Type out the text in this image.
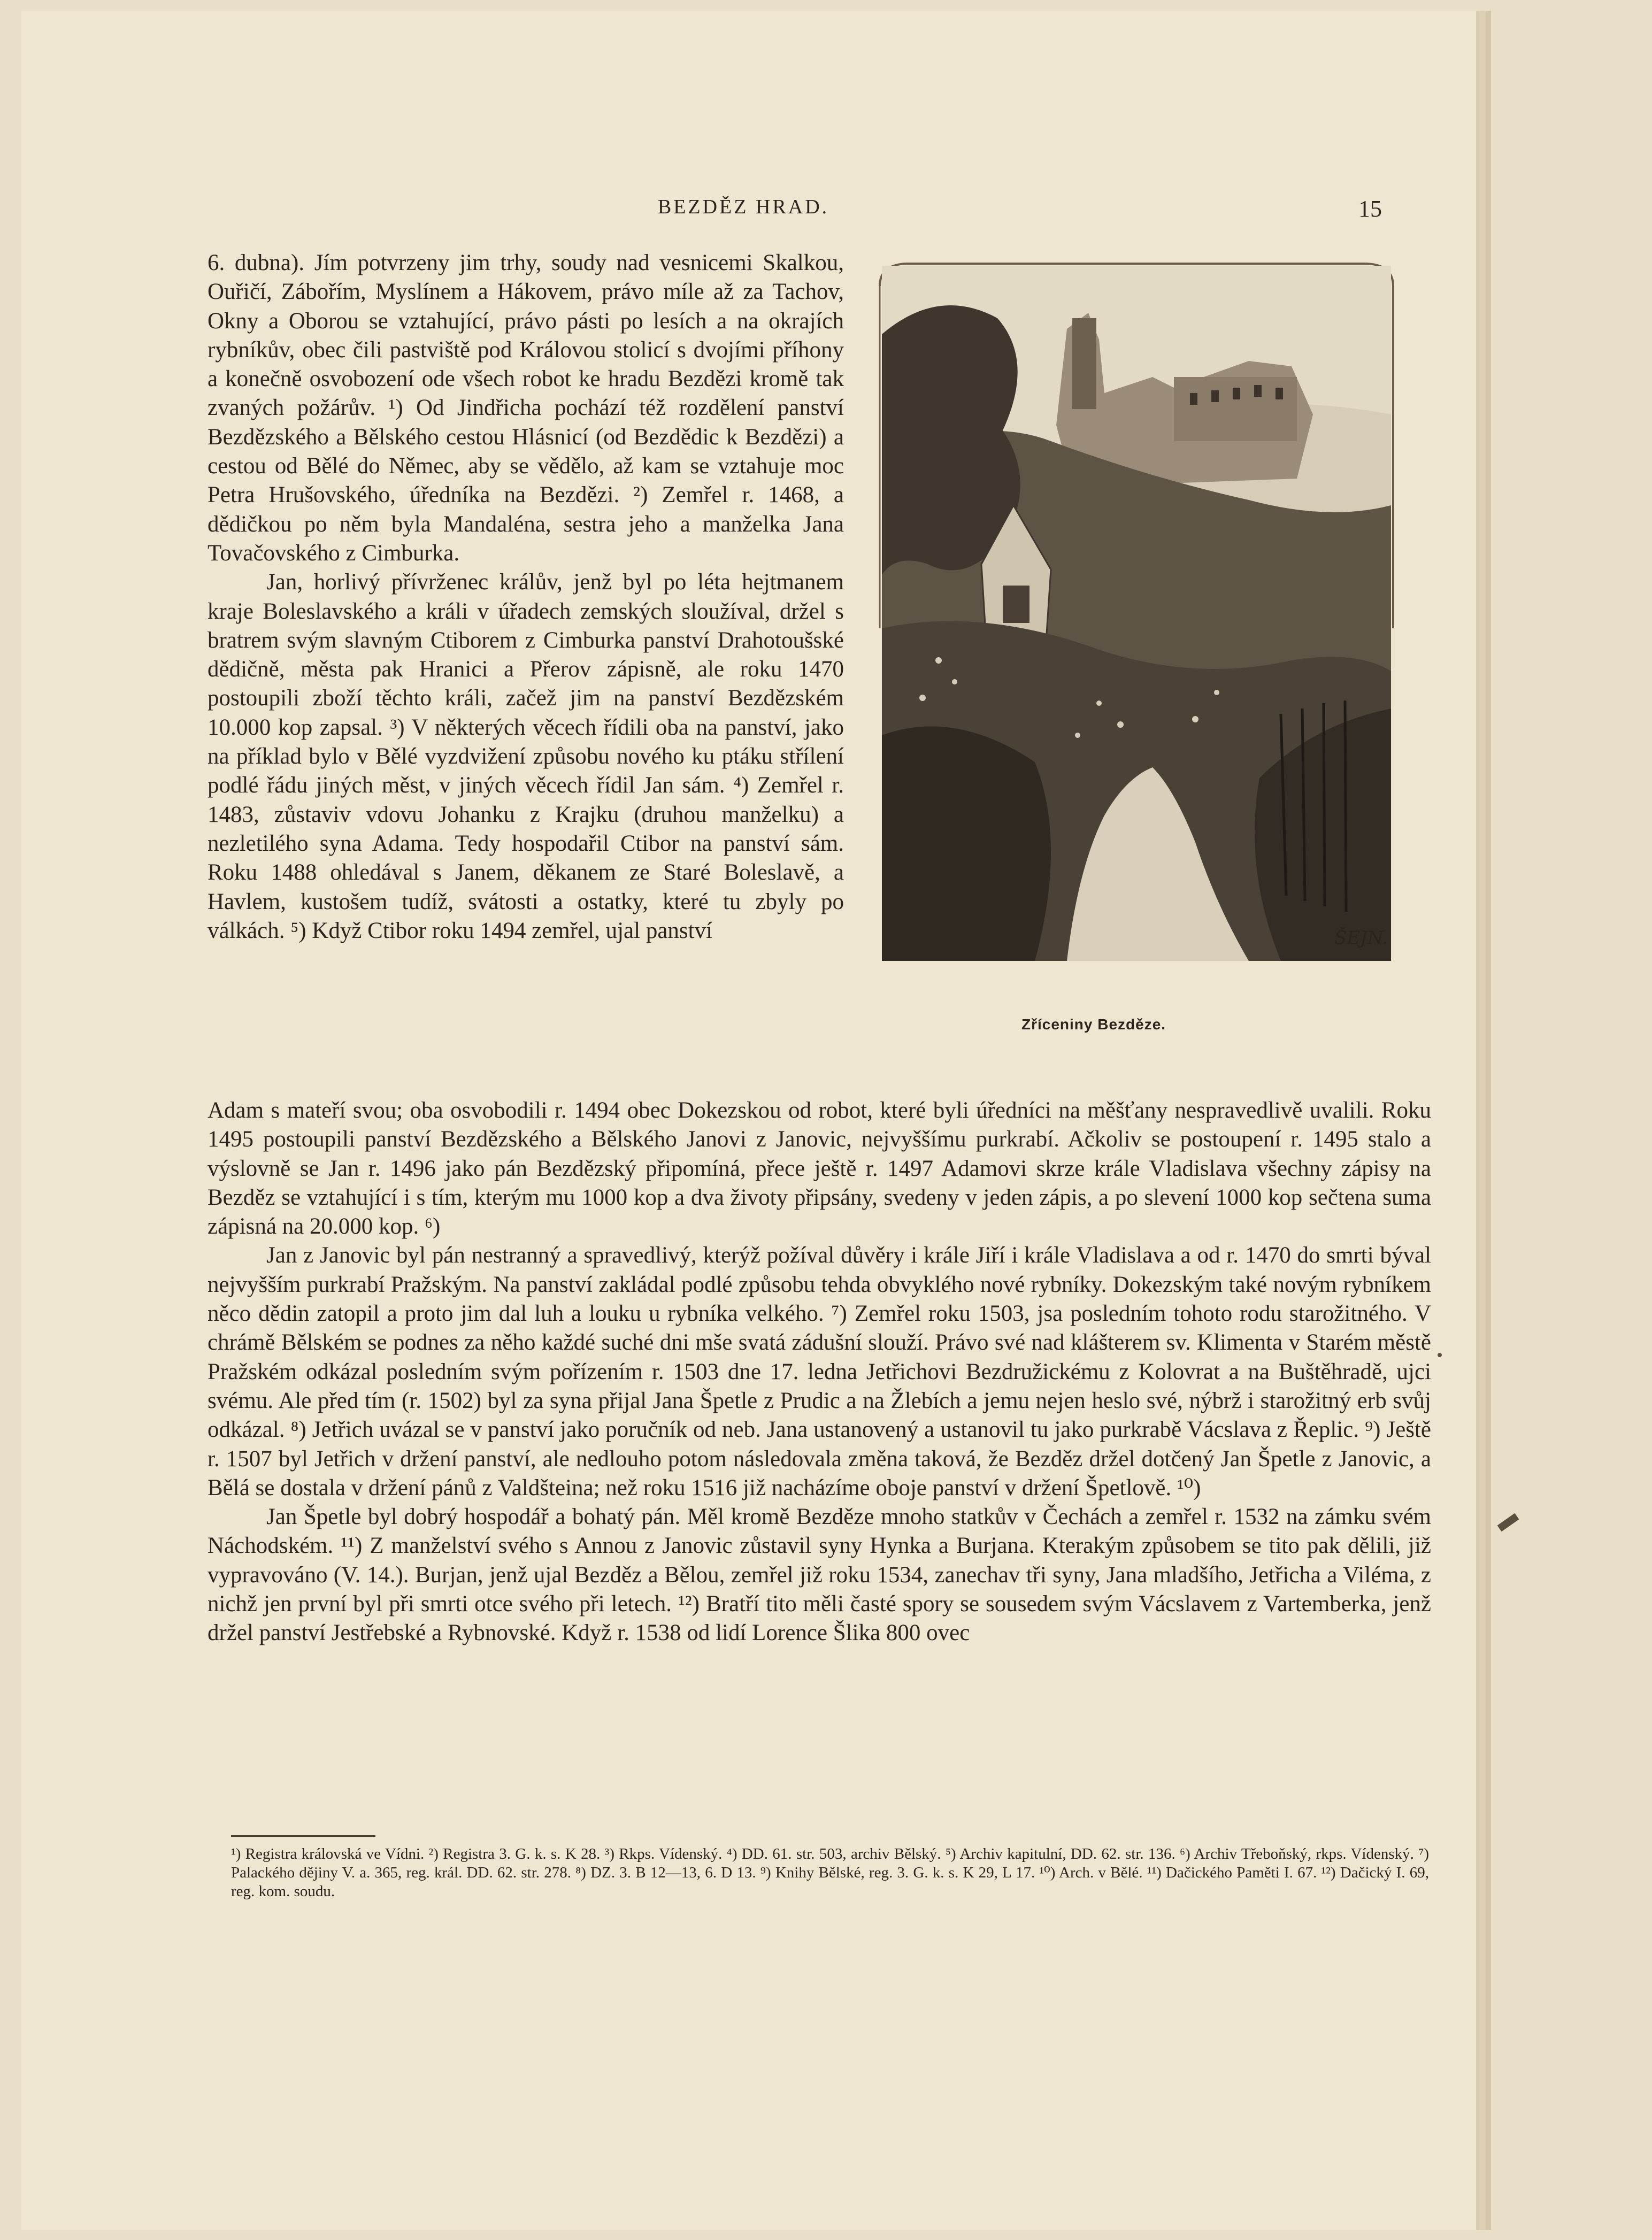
BEZDĚZ HRAD.	15

6. dubna). Jím potvrzeny jim trhy, soudy nad vesnicemi Skalkou, Ouřičí, Zábořím, Myslínem a Hákovem, právo míle až za Tachov, Okny a Oborou se vztahující, právo pásti po lesích a na okrajích rybníkův, obec čili pastviště pod Královou stolicí s dvojími příhony a konečně osvobození ode všech robot ke hradu Bezdězi kromě tak zvaných požárův. ¹) Od Jindřicha pochází též rozdělení panství Bezdězského a Bělského cestou Hlásnicí (od Bezdědic k Bezdězi) a cestou od Bělé do Němec, aby se vědělo, až kam se vztahuje moc Petra Hrušovského, úředníka na Bezdězi. ²) Zemřel r. 1468, a dědičkou po něm byla Mandaléna, sestra jeho a manželka Jana Tovačovského z Cimburka.

Jan, horlivý přívrženec králův, jenž byl po léta hejtmanem kraje Boleslavského a králi v úřadech zemských sloužíval, držel s bratrem svým slavným Ctiborem z Cimburka panství Drahotoušské dědičně, města pak Hranici a Přerov zápisně, ale roku 1470 postoupili zboží těchto králi, začež jim na panství Bezdězském 10.000 kop zapsal. ³) V některých věcech řídili oba na panství, jako na příklad bylo v Bělé vyzdvižení způsobu nového ku ptáku střílení podlé řádu jiných měst, v jiných věcech řídil Jan sám. ⁴) Zemřel r. 1483, zůstaviv vdovu Johanku z Krajku (druhou manželku) a nezletilého syna Adama. Tedy hospodařil Ctibor na panství sám. Roku 1488 ohledával s Janem, děkanem ze Staré Boleslavě, a Havlem, kustošem tudíž, svátosti a ostatky, které tu zbyly po válkách. ⁵) Když Ctibor roku 1494 zemřel, ujal panství	ŠEJN.
Zříceniny Bezděze.

Adam s mateří svou; oba osvobodili r. 1494 obec Dokezskou od robot, které byli úředníci na měšťany nespravedlivě uvalili. Roku 1495 postoupili panství Bezdězského a Bělského Janovi z Janovic, nejvyššímu purkrabí. Ačkoliv se postoupení r. 1495 stalo a výslovně se Jan r. 1496 jako pán Bezdězský připomíná, přece ještě r. 1497 Adamovi skrze krále Vladislava všechny zápisy na Bezděz se vztahující i s tím, kterým mu 1000 kop a dva životy připsány, svedeny v jeden zápis, a po slevení 1000 kop sečtena suma zápisná na 20.000 kop. ⁶)

Jan z Janovic byl pán nestranný a spravedlivý, kterýž požíval důvěry i krále Jiří i krále Vladislava a od r. 1470 do smrti býval nejvyšším purkrabí Pražským. Na panství zakládal podlé způsobu tehda obvyklého nové rybníky. Dokezským také novým rybníkem něco dědin zatopil a proto jim dal luh a louku u rybníka velkého. ⁷) Zemřel roku 1503, jsa posledním tohoto rodu starožitného. V chrámě Bělském se podnes za něho každé suché dni mše svatá zádušní slouží. Právo své nad klášterem sv. Klimenta v Starém městě Pražském odkázal posledním svým pořízením r. 1503 dne 17. ledna Jetřichovi Bezdružickému z Kolovrat a na Buštěhradě, ujci svému. Ale před tím (r. 1502) byl za syna přijal Jana Špetle z Prudic a na Žlebích a jemu nejen heslo své, nýbrž i starožitný erb svůj odkázal. ⁸) Jetřich uvázal se v panství jako poručník od neb. Jana ustanovený a ustanovil tu jako purkrabě Vácslava z Řeplic. ⁹) Ještě r. 1507 byl Jetřich v držení panství, ale nedlouho potom následovala změna taková, že Bezděz držel dotčený Jan Špetle z Janovic, a Bělá se dostala v držení pánů z Valdšteina; než roku 1516 již nacházíme oboje panství v držení Špetlově. ¹⁰)

Jan Špetle byl dobrý hospodář a bohatý pán. Měl kromě Bezděze mnoho statkův v Čechách a zemřel r. 1532 na zámku svém Náchodském. ¹¹) Z manželství svého s Annou z Janovic zůstavil syny Hynka a Burjana. Kterakým způsobem se tito pak dělili, již vypravováno (V. 14.). Burjan, jenž ujal Bezděz a Bělou, zemřel již roku 1534, zanechav tři syny, Jana mladšího, Jetřicha a Viléma, z nichž jen první byl při smrti otce svého při letech. ¹²) Bratří tito měli časté spory se sousedem svým Vácslavem z Vartemberka, jenž držel panství Jestřebské a Rybnovské. Když r. 1538 od lidí Lorence Šlika 800 ovec

¹) Registra královská ve Vídni. ²) Registra 3. G. k. s. K 28. ³) Rkps. Vídenský. ⁴) DD. 61. str. 503, archiv Bělský. ⁵) Archiv kapitulní, DD. 62. str. 136. ⁶) Archiv Třeboňský, rkps. Vídenský. ⁷) Palackého dějiny V. a. 365, reg. král. DD. 62. str. 278. ⁸) DZ. 3. B 12—13, 6. D 13. ⁹) Knihy Bělské, reg. 3. G. k. s. K 29, L 17. ¹⁰) Arch. v Bělé. ¹¹) Dačického Paměti I. 67. ¹²) Dačický I. 69, reg. kom. soudu.
